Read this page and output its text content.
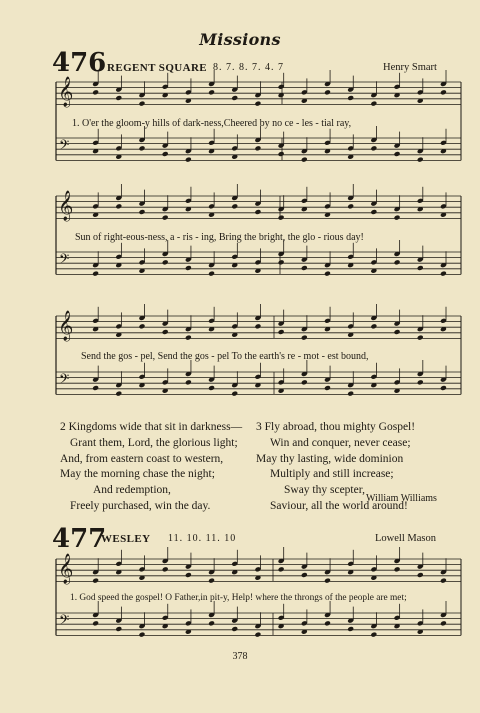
Missions
476 REGENT SQUARE 8. 7. 8. 7. 4. 7	Henry Smart
𝄞
𝄢
𝄞
𝄢
𝄞
𝄢
𝄞
𝄢
1. O'er the gloom-y hills of dark-ness,Cheered by no ce - les - tial ray,
Sun of right-eous-ness, a - ris - ing, Bring the bright, the glo - rious day!
Send the gos - pel, Send the gos - pel To the earth's re - mot - est bound,
2 Kingdoms wide that sit in darkness—
Grant them, Lord, the glorious light;
And, from eastern coast to western,
May the morning chase the night;
And redemption,
Freely purchased, win the day.
3 Fly abroad, thou mighty Gospel!
Win and conquer, never cease;
May thy lasting, wide dominion
Multiply and still increase;
Sway thy scepter,
Saviour, all the world around!
William Williams
477
WESLEY 11. 10. 11. 10	Lowell Mason
1. God speed the gospel! O Father,in pit-y, Help! where the throngs of the people are met;
378
